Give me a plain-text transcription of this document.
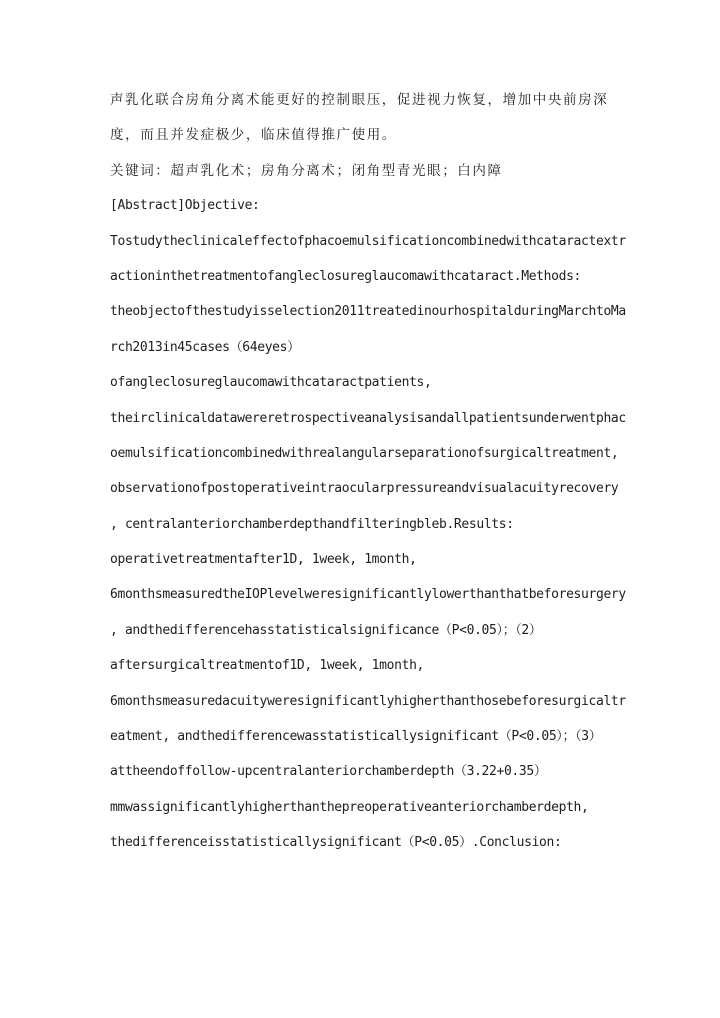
声乳化联合房角分离术能更好的控制眼压，促进视力恢复，增加中央前房深
度，而且并发症极少，临床值得推广使用。
关键词：超声乳化术；房角分离术；闭角型青光眼；白内障
[Abstract]Objective:
Tostudytheclinicaleffectofphacoemulsificationcombinedwithcataractextr
actioninthetreatmentofangleclosureglaucomawithcataract.Methods:
theobjectofthestudyisselection2011treatedinourhospitalduringMarchtoMa
rch2013in45cases（64eyes）
ofangleclosureglaucomawithcataractpatients,
theirclinicaldatawereretrospectiveanalysisandallpatientsunderwentphac
oemulsificationcombinedwithrealangularseparationofsurgicaltreatment,
observationofpostoperativeintraocularpressureandvisualacuityrecovery
, centralanteriorchamberdepthandfilteringbleb.Results:
operativetreatmentafter1D, 1week, 1month,
6monthsmeasuredtheIOPlevelweresignificantlylowerthanthatbeforesurgery
, andthedifferencehasstatisticalsignificance（P<0.05）；（2）
aftersurgicaltreatmentof1D, 1week, 1month,
6monthsmeasuredacuityweresignificantlyhigherthanthosebeforesurgicaltr
eatment, andthedifferencewasstatisticallysignificant（P<0.05）；（3）
attheendoffollow-upcentralanteriorchamberdepth（3.22+0.35）
mmwassignificantlyhigherthanthepreoperativeanteriorchamberdepth,
thedifferenceisstatisticallysignificant（P<0.05）.Conclusion:
